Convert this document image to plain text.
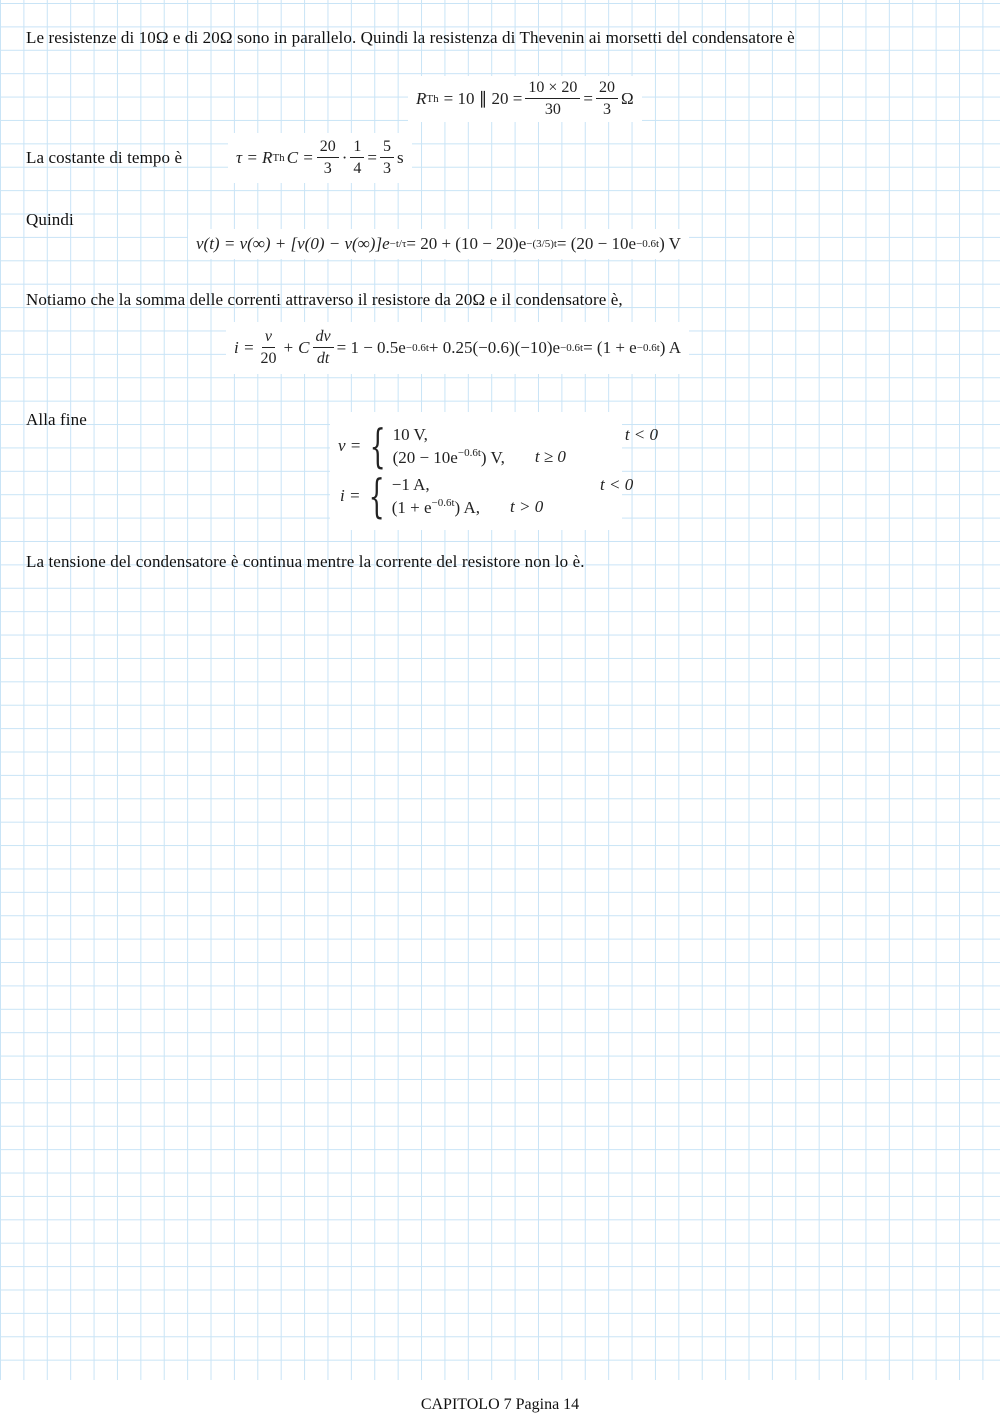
Le resistenze di 10Ω e di 20Ω sono in parallelo. Quindi la resistenza di Thevenin ai morsetti del condensatore è
R Th = 10 ∥ $20 = \frac{10 \times 20}{30} = \frac{20}{3}$ Ω
La costante di tempo è	τ = R Th $C = \frac{20}{3} \cdot \frac{1}{4} = \frac{5}{3}$ s
Quindi
v(t) = v(∞) + [v(0) − v(∞)]e −t/τ = 20 + (10 − 20)e −(3/5)t = (20 − 10e −0.6t ) V
Notiamo che la somma delle correnti attraverso il resistore da 20Ω e il condensatore è,
$i = \frac{v}{20} + C \frac{dv}{dt} = 1 - 0.5e -0.6t + 0.25(-0.6)(-10)e -0.6t = (1 + e -0.6t$ ) A
Alla fine
v = { 10 V,	t < 0
$(20 - 10e^{-0.6t})$ V,	t ≥ 0
i = { −1 A,	t < 0
$(1 + e^{-0.6t})$ A,	t > 0
La tensione del condensatore è continua mentre la corrente del resistore non lo è.
CAPITOLO 7 Pagina 14
